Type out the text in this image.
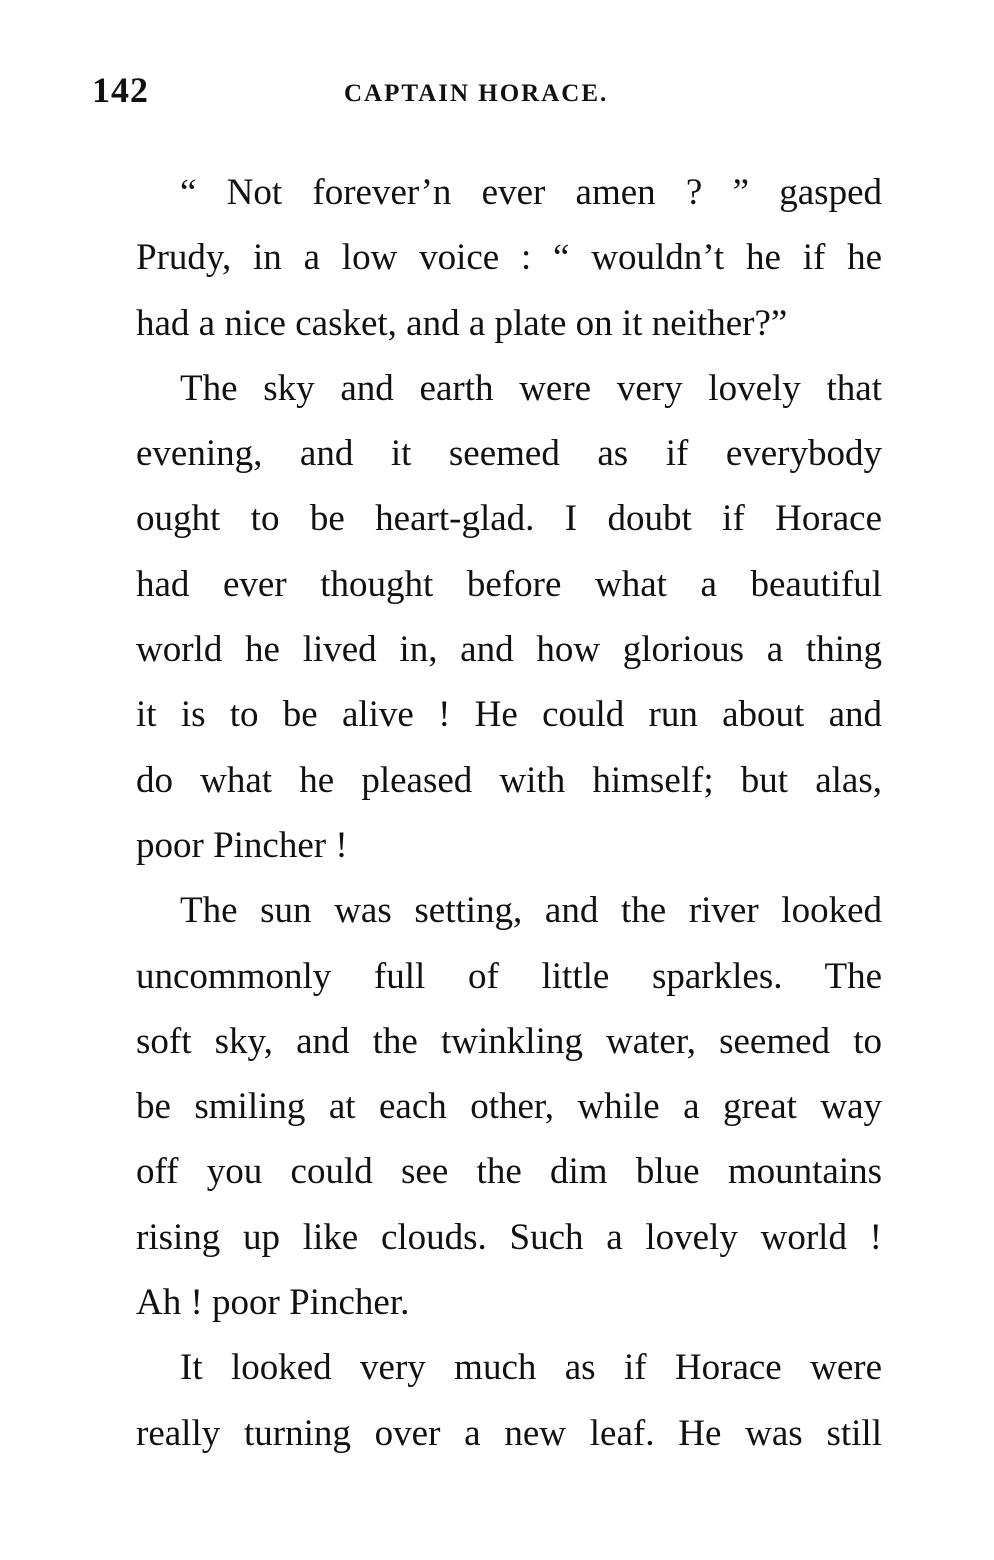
142	CAPTAIN HORACE.
“ Not forever’n ever amen ? ” gasped
Prudy, in a low voice : “ wouldn’t he if he
had a nice casket, and a plate on it neither?”
The sky and earth were very lovely that
evening, and it seemed as if everybody
ought to be heart-glad. I doubt if Horace
had ever thought before what a beautiful
world he lived in, and how glorious a thing
it is to be alive ! He could run about and
do what he pleased with himself; but alas,
poor Pincher !
The sun was setting, and the river looked
uncommonly full of little sparkles. The
soft sky, and the twinkling water, seemed to
be smiling at each other, while a great way
off you could see the dim blue mountains
rising up like clouds. Such a lovely world !
Ah ! poor Pincher.
It looked very much as if Horace were
really turning over a new leaf. He was still
